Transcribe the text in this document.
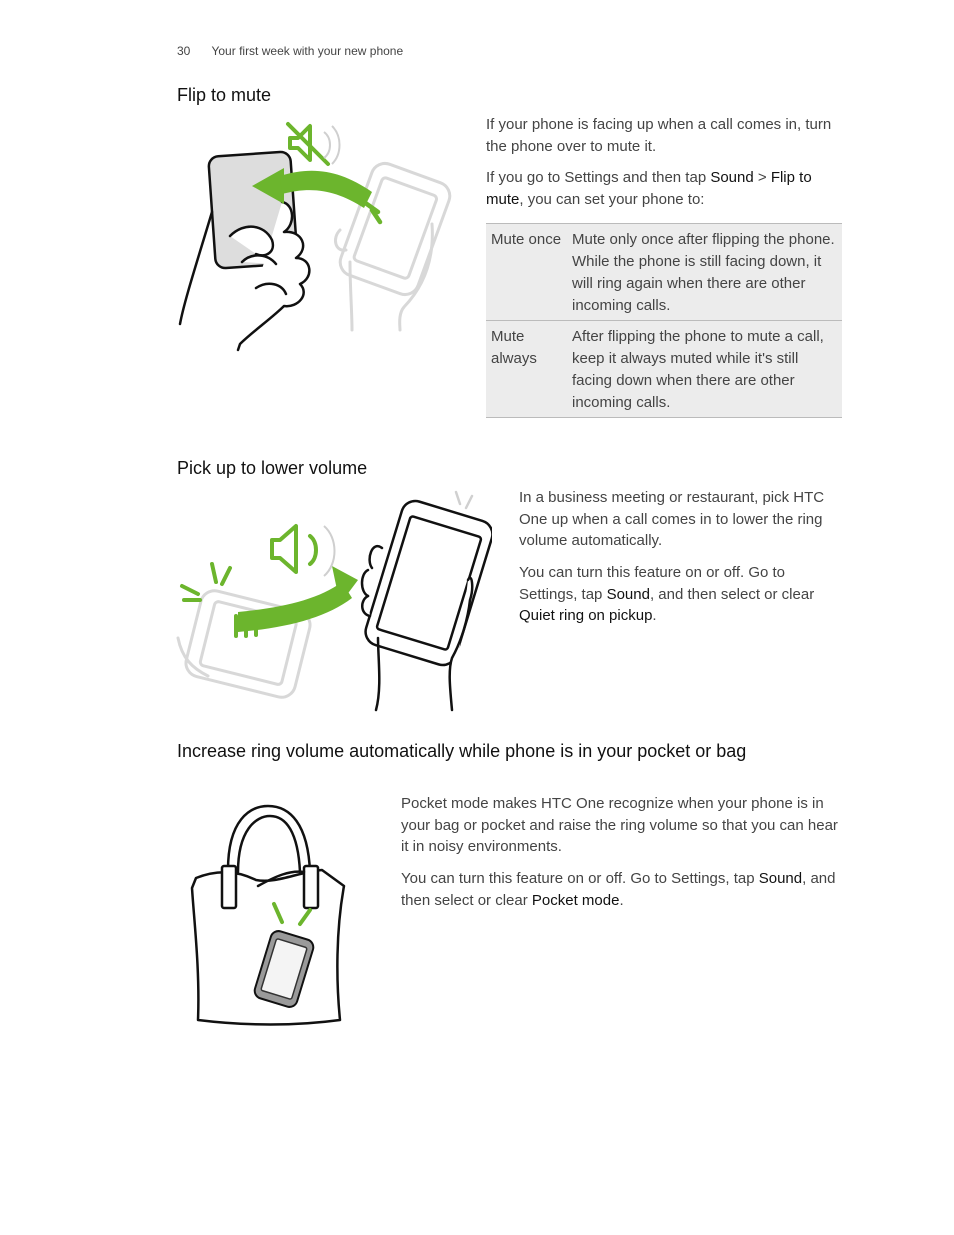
30 Your first week with your new phone
Flip to mute

If your phone is facing up when a call comes in, turn the phone over to mute it.

If you go to Settings and then tap Sound > Flip to mute, you can set your phone to:

Mute once	Mute only once after flipping the phone. While the phone is still facing down, it will ring again when there are other incoming calls.
Mute always	After flipping the phone to mute a call, keep it always muted while it's still facing down when there are other incoming calls.
Pick up to lower volume

In a business meeting or restaurant, pick HTC One up when a call comes in to lower the ring volume automatically.

You can turn this feature on or off. Go to Settings, tap Sound, and then select or clear Quiet ring on pickup.

Increase ring volume automatically while phone is in your pocket or bag

Pocket mode makes HTC One recognize when your phone is in your bag or pocket and raise the ring volume so that you can hear it in noisy environments.

You can turn this feature on or off. Go to Settings, tap Sound, and then select or clear Pocket mode.
